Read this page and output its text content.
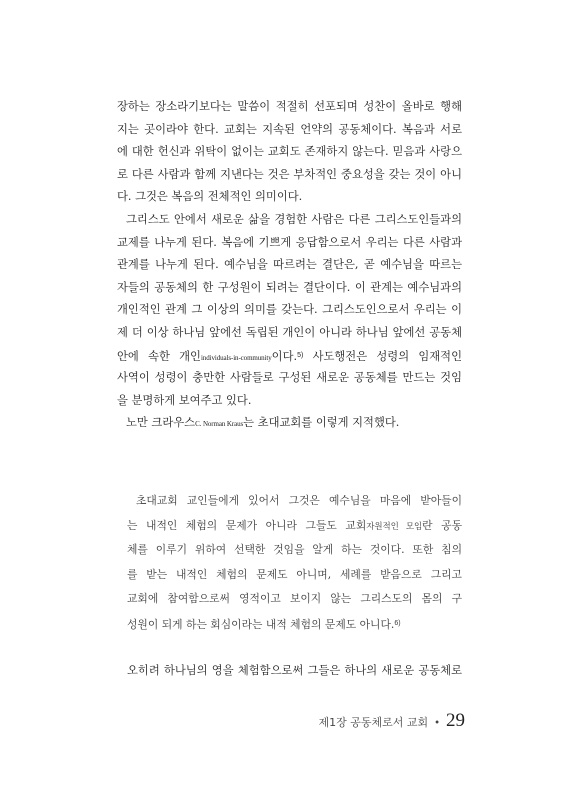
장하는 장소라기보다는 말씀이 적절히 선포되며 성찬이 올바로 행해
지는 곳이라야 한다. 교회는 지속된 언약의 공동체이다. 복음과 서로
에 대한 헌신과 위탁이 없이는 교회도 존재하지 않는다. 믿음과 사랑으
로 다른 사람과 함께 지낸다는 것은 부차적인 중요성을 갖는 것이 아니
다. 그것은 복음의 전체적인 의미이다.
그리스도 안에서 새로운 삶을 경험한 사람은 다른 그리스도인들과의
교제를 나누게 된다. 복음에 기쁘게 응답함으로서 우리는 다른 사람과
관계를 나누게 된다. 예수님을 따르려는 결단은, 곧 예수님을 따르는
자들의 공동체의 한 구성원이 되려는 결단이다. 이 관계는 예수님과의
개인적인 관계 그 이상의 의미를 갖는다. 그리스도인으로서 우리는 이
제 더 이상 하나님 앞에선 독립된 개인이 아니라 하나님 앞에선 공동체
안에 속한 개인individuals-in-community이다.$^{5)}$ 사도행전은 성령의 임재적인
사역이 성령이 충만한 사람들로 구성된 새로운 공동체를 만드는 것임
을 분명하게 보여주고 있다.
노만 크라우스C. Norman Kraus는 초대교회를 이렇게 지적했다.
초대교회 교인들에게 있어서 그것은 예수님을 마음에 받아들이
는 내적인 체험의 문제가 아니라 그들도 교회자원적인 모임란 공동
체를 이루기 위하여 선택한 것임을 알게 하는 것이다. 또한 침의
를 받는 내적인 체험의 문제도 아니며, 세례를 받음으로 그리고
교회에 참여함으로써 영적이고 보이지 않는 그리스도의 몸의 구
성원이 되게 하는 회심이라는 내적 체험의 문제도 아니다.$^{6)}$
오히려 하나님의 영을 체험함으로써 그들은 하나의 새로운 공동체로
제1장 공동체로서 교회 • 29
